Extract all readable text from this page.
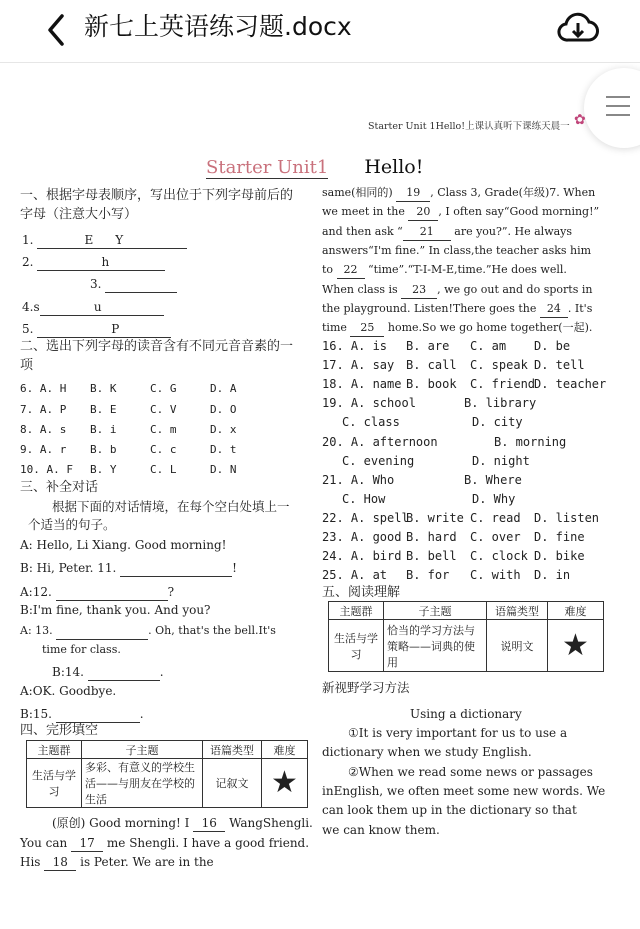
新七上英语练习题.docx
Starter Unit 1Hello!上课认真听下课练天晨一 ✿
Starter Unit1 Hello!
一、根据字母表顺序，写出位于下列字母前后的
字母（注意大小写）
1.	E Y
2.	h
3.
4.s	u
5.	P
二、选出下列字母的读音含有不同元音音素的一
项
6. A. H B. K	C. G	D. A
7. A. P B. E	C. V	D. O
8. A. s B. i	C. m	D. x
9. A. r B. b	C. c	D. t
10. A. F B. Y	C. L	D. N
三、补全对话
根据下面的对话情境，在每个空白处填上一
个适当的句子。
A: Hello, Li Xiang. Good morning!
B: Hi, Peter. 11.	!
A:12.	?
B:I'm fine, thank you. And you?
A: 13.	. Oh, that's the bell.It's
time for class.
B:14.	.
A:OK. Goodbye.
B:15.	.
四、完形填空
主题群	子主题	语篇类型	难度
生活与学习	多彩、有意义的学校生活——与朋友在学校的生活	记叙文	★
(原创) Good morning! I 16 WangShengli.
You can 17 me Shengli. I have a good friend.
His 18 is Peter. We are in the
same(相同的) 19 , Class 3, Grade(年级)7. When
we meet in the 20 , I often say“Good morning!”
and then ask “ 21 are you?”. He always
answers“I'm fine.” In class,the teacher asks him
to 22 “time”.“T-I-M-E,time.”He does well.
When class is 23 , we go out and do sports in
the playground. Listen!There goes the 24 . It's
time 25 home.So we go home together(一起).
16. A. is B. are C. am D. be
17. A. say B. call C. speak D. tell
18. A. name B. book C. friendD. teacher
19. A. school	B. library
C. class	D. city
20. A. afternoon	B. morning
C. evening	D. night
21. A. Who	B. Where
C. How	D. Why
22. A. spellB. write C. read D. listen
23. A. good B. hard C. over D. fine
24. A. bird B. bell C. clock D. bike
25. A. at B. for C. with D. in
五、阅读理解
主题群	子主题	语篇类型	难度
生活与学习	恰当的学习方法与策略——词典的使用	说明文	★
新视野学习方法
Using a dictionary
①It is very important for us to use a
dictionary when we study English.
②When we read some news or passages
inEnglish, we often meet some new words. We
can look them up in the dictionary so that
we can know them.
